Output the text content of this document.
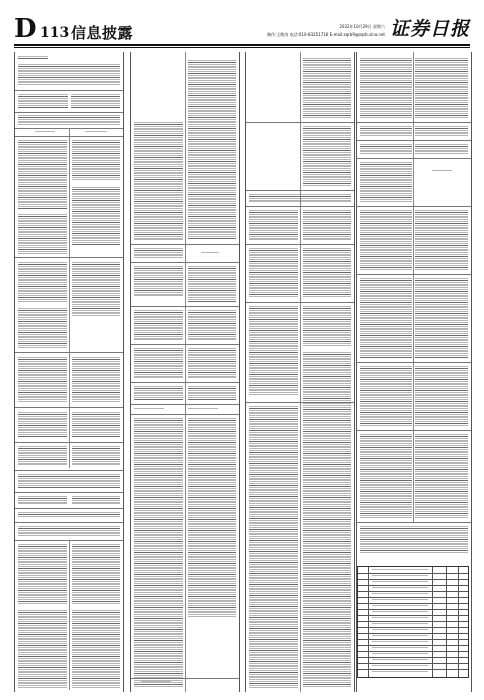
D 113 信息披露	2022年10月29日 星期六
制作:王敬涛 电话:010-83251716 E-mail:zqrb9@zqrb.sina.net 证券日报
